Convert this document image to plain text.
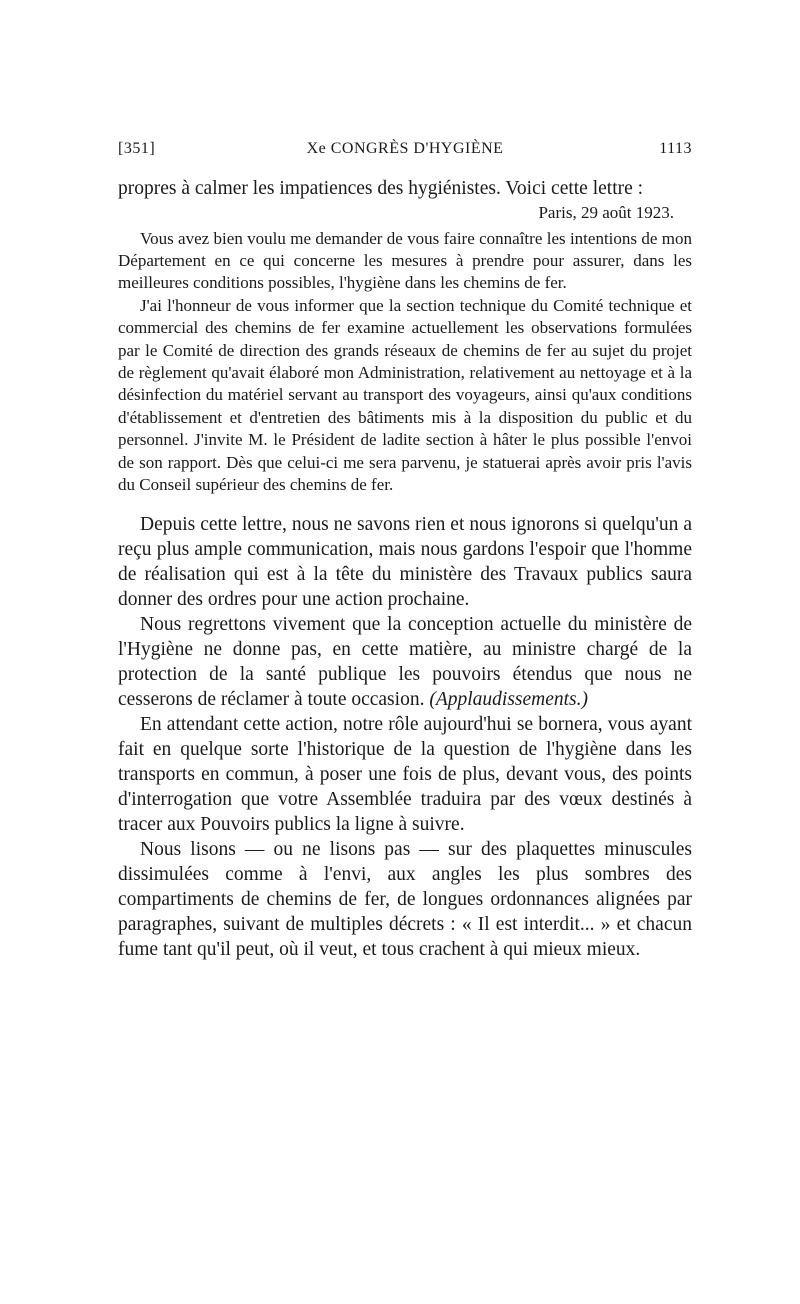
[351]	Xe CONGRÈS D'HYGIÈNE	1113

propres à calmer les impatiences des hygiénistes. Voici cette lettre :

Paris, 29 août 1923.

Vous avez bien voulu me demander de vous faire connaître les intentions de mon Département en ce qui concerne les mesures à prendre pour assurer, dans les meilleures conditions possibles, l'hygiène dans les chemins de fer.

J'ai l'honneur de vous informer que la section technique du Comité technique et commercial des chemins de fer examine actuellement les observations formulées par le Comité de direction des grands réseaux de chemins de fer au sujet du projet de règlement qu'avait élaboré mon Administration, relativement au nettoyage et à la désinfection du matériel servant au transport des voyageurs, ainsi qu'aux conditions d'établissement et d'entretien des bâtiments mis à la disposition du public et du personnel. J'invite M. le Président de ladite section à hâter le plus possible l'envoi de son rapport. Dès que celui-ci me sera parvenu, je statuerai après avoir pris l'avis du Conseil supérieur des chemins de fer.

Depuis cette lettre, nous ne savons rien et nous ignorons si quelqu'un a reçu plus ample communication, mais nous gardons l'espoir que l'homme de réalisation qui est à la tête du ministère des Travaux publics saura donner des ordres pour une action prochaine.

Nous regrettons vivement que la conception actuelle du ministère de l'Hygiène ne donne pas, en cette matière, au ministre chargé de la protection de la santé publique les pouvoirs étendus que nous ne cesserons de réclamer à toute occasion. (Applaudissements.)

En attendant cette action, notre rôle aujourd'hui se bornera, vous ayant fait en quelque sorte l'historique de la question de l'hygiène dans les transports en commun, à poser une fois de plus, devant vous, des points d'interrogation que votre Assemblée traduira par des vœux destinés à tracer aux Pouvoirs publics la ligne à suivre.

Nous lisons — ou ne lisons pas — sur des plaquettes minuscules dissimulées comme à l'envi, aux angles les plus sombres des compartiments de chemins de fer, de longues ordonnances alignées par paragraphes, suivant de multiples décrets : « Il est interdit... » et chacun fume tant qu'il peut, où il veut, et tous crachent à qui mieux mieux.
